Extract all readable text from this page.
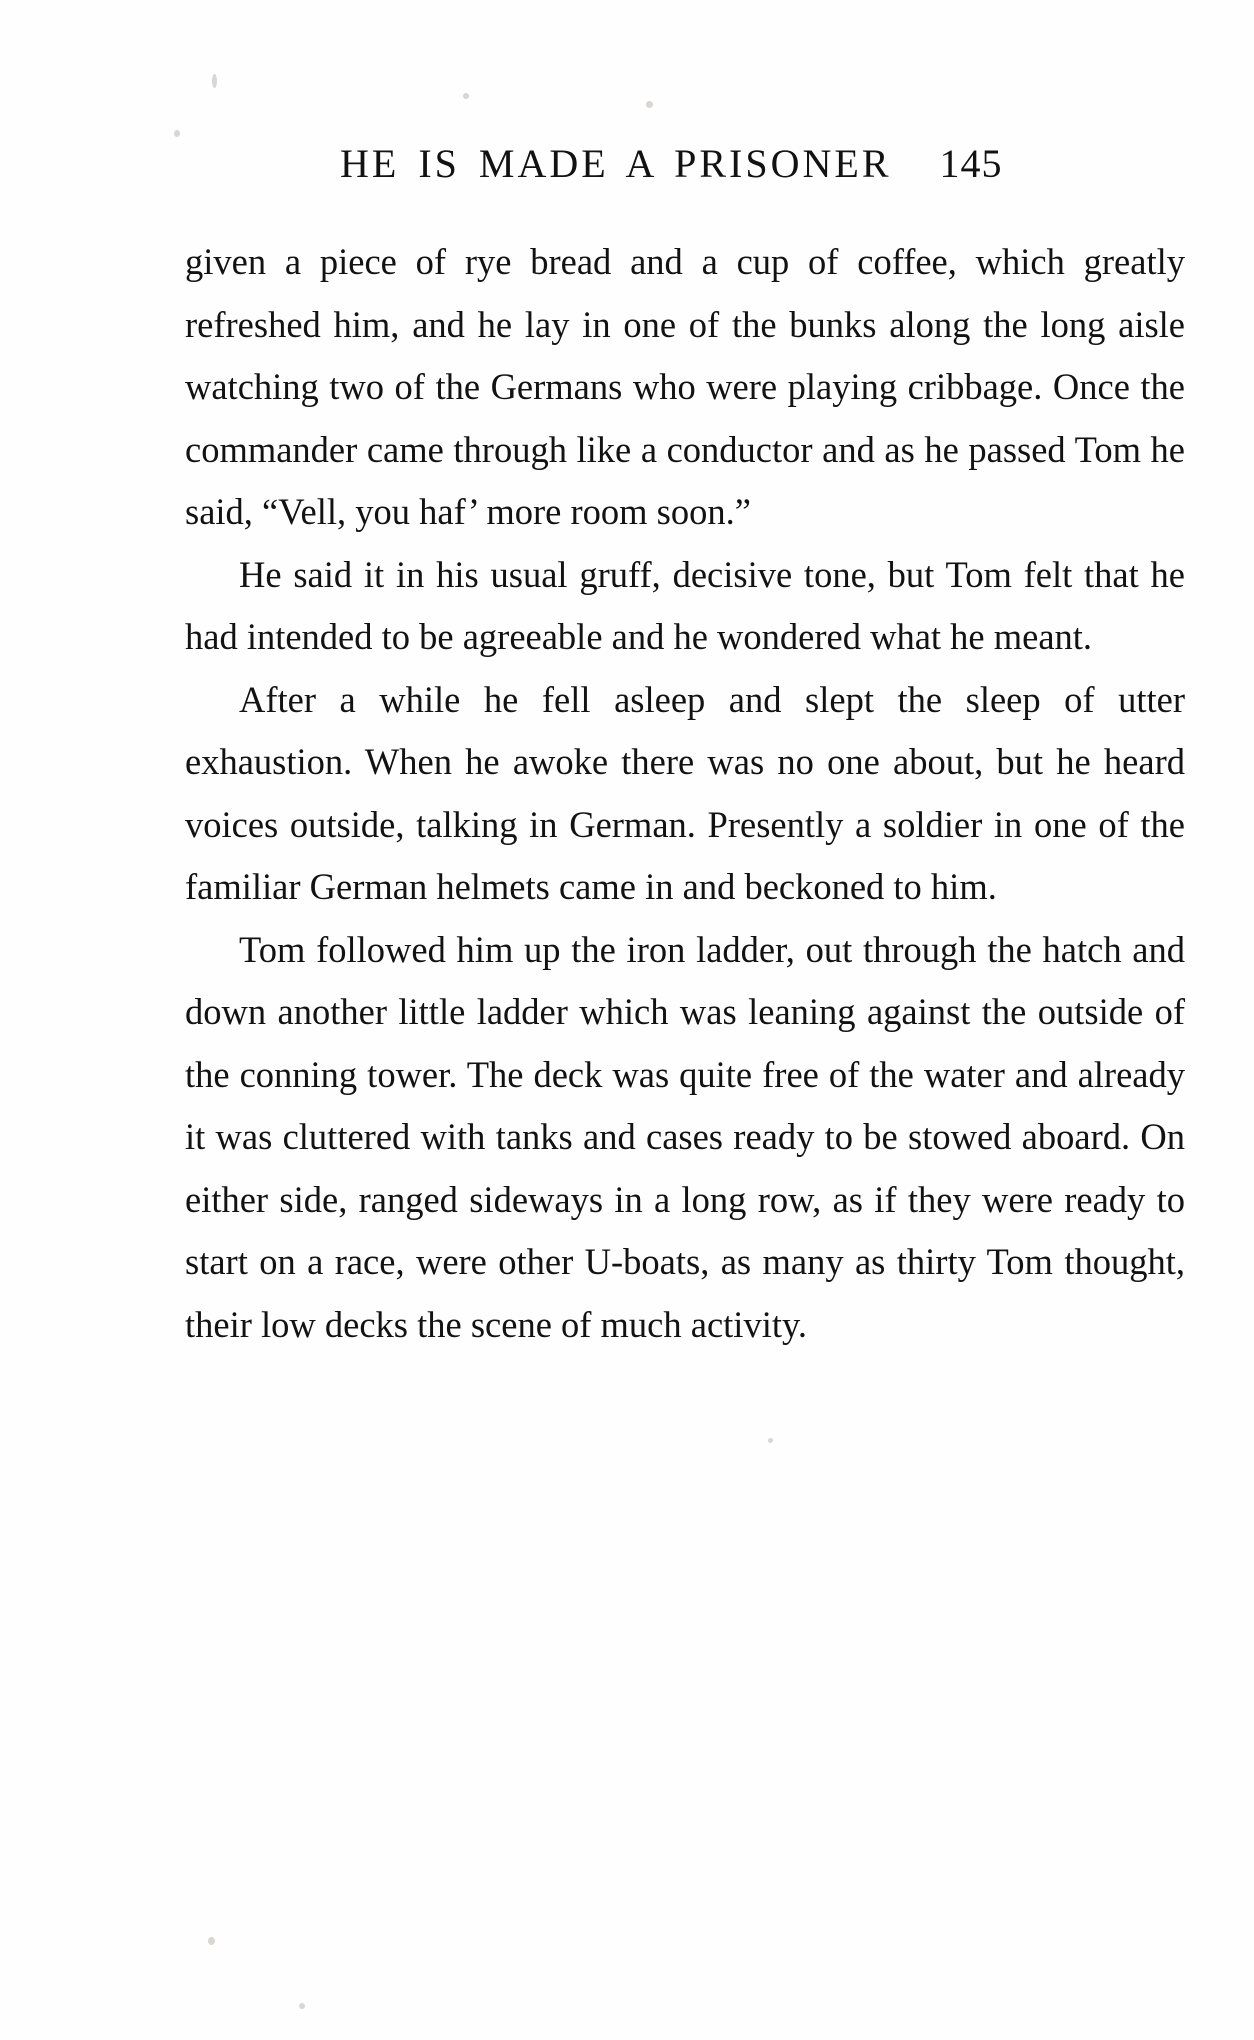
HE IS MADE A PRISONER 145

given a piece of rye bread and a cup of coffee, which greatly refreshed him, and he lay in one of the bunks along the long aisle watching two of the Germans who were playing cribbage. Once the commander came through like a conductor and as he passed Tom he said, “Vell, you haf’ more room soon.”

He said it in his usual gruff, decisive tone, but Tom felt that he had intended to be agreeable and he wondered what he meant.

After a while he fell asleep and slept the sleep of utter exhaustion. When he awoke there was no one about, but he heard voices outside, talking in German. Presently a soldier in one of the familiar German helmets came in and beckoned to him.

Tom followed him up the iron ladder, out through the hatch and down another little ladder which was leaning against the outside of the conning tower. The deck was quite free of the water and already it was cluttered with tanks and cases ready to be stowed aboard. On either side, ranged sideways in a long row, as if they were ready to start on a race, were other U-boats, as many as thirty Tom thought, their low decks the scene of much activity.
